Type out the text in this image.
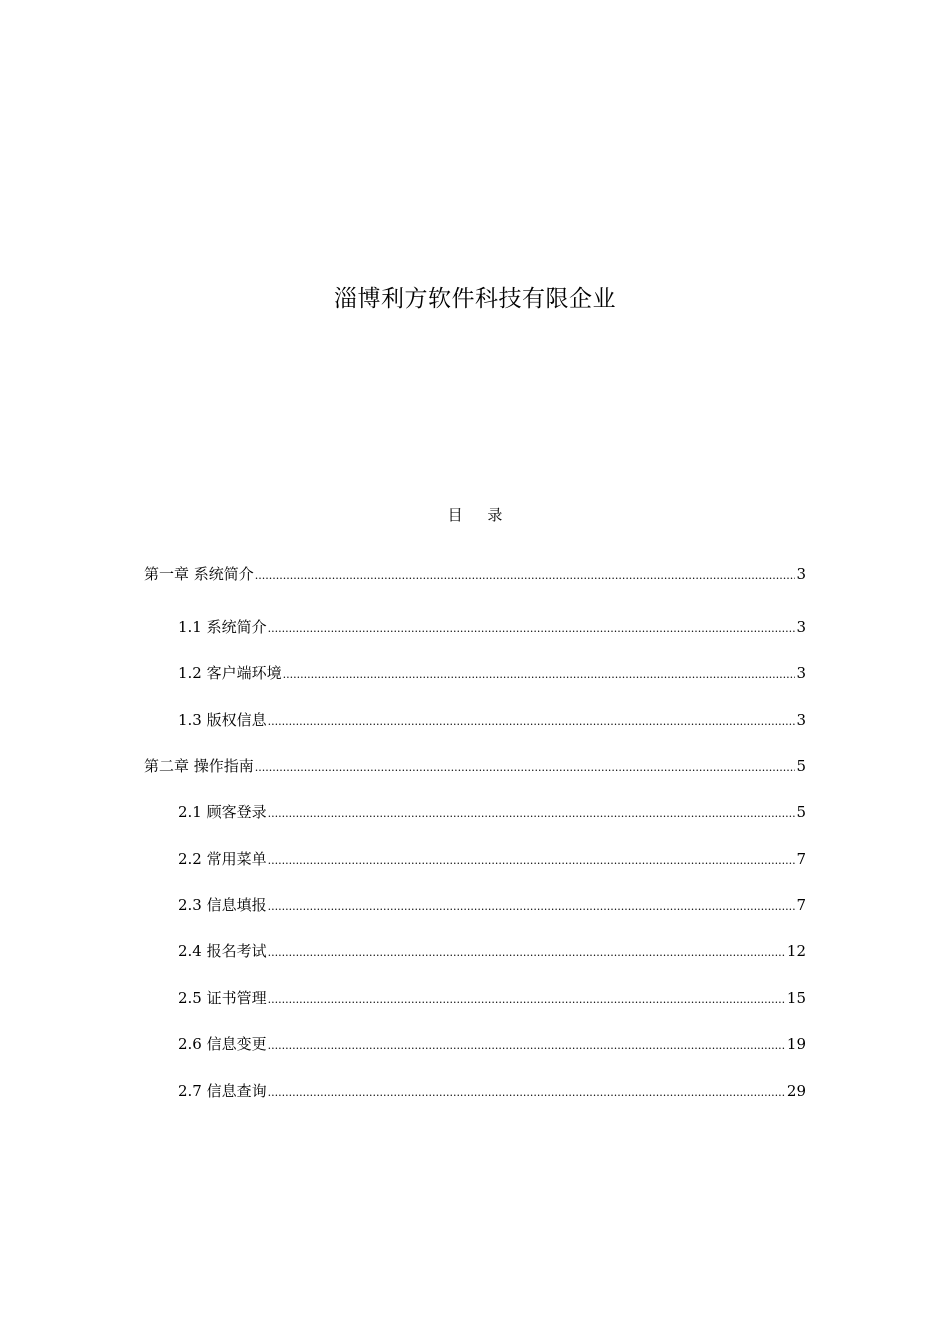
淄博利方软件科技有限企业
目 录
第一章 系统简介 .....	3
1.1 系统简介 .....	3
1.2 客户端环境 .....	3
1.3 版权信息 .....	3
第二章 操作指南 .....	5
2.1 顾客登录 .....	5
2.2 常用菜单 .....	7
2.3 信息填报 .....	7
2.4 报名考试 .....	12
2.5 证书管理 .....	15
2.6 信息变更 .....	19
2.7 信息查询 .....	29
